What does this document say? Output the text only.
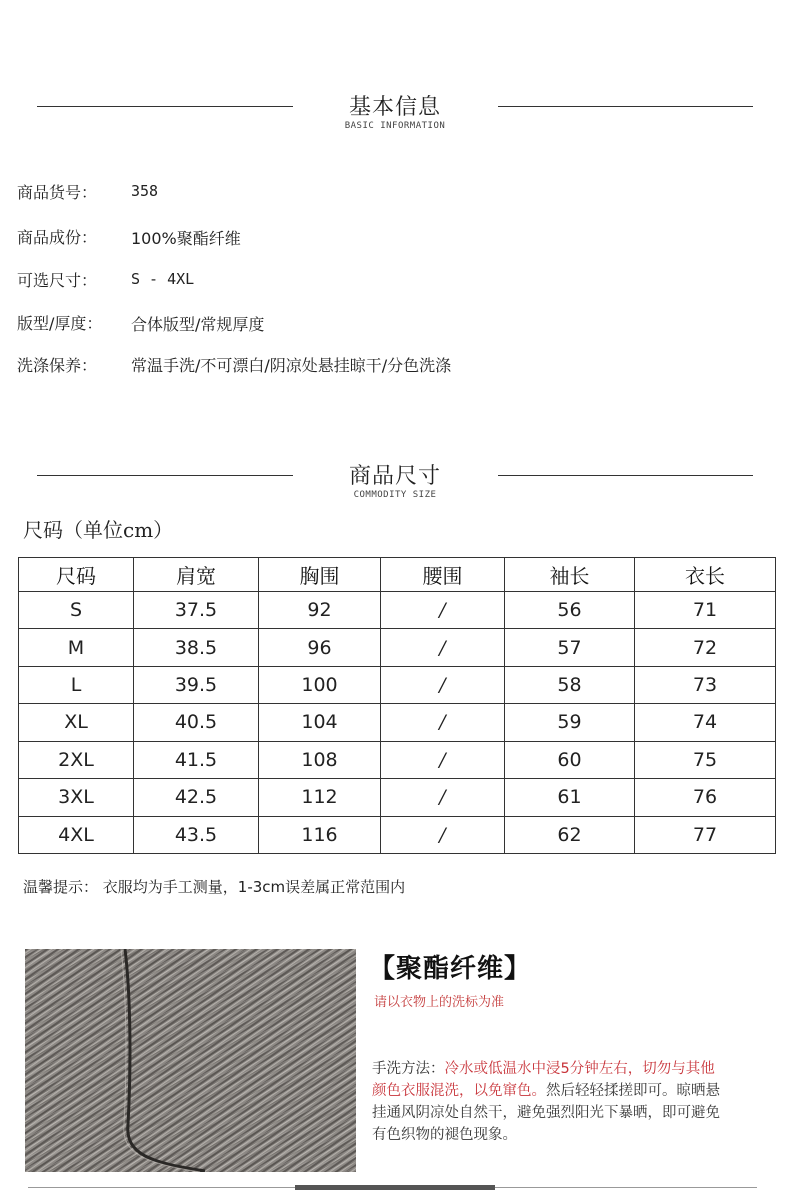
基本信息
BASIC INFORMATION
商品货号： 358
商品成份： 100%聚酯纤维
可选尺寸： S - 4XL
版型/厚度： 合体版型/常规厚度
洗涤保养： 常温手洗/不可漂白/阴凉处悬挂晾干/分色洗涤
商品尺寸
COMMODITY SIZE
尺码（单位cm）
尺码	肩宽	胸围	腰围	袖长	衣长
S	37.5	92	/	56	71
M	38.5	96	/	57	72
L	39.5	100	/	58	73
XL	40.5	104	/	59	74
2XL	41.5	108	/	60	75
3XL	42.5	112	/	61	76
4XL	43.5	116	/	62	77
温馨提示： 衣服均为手工测量，1-3cm误差属正常范围内
【聚酯纤维】
请以衣物上的洗标为准
手洗方法：冷水或低温水中浸5分钟左右，切勿与其他颜色衣服混洗，以免窜色。然后轻轻揉搓即可。晾晒悬挂通风阴凉处自然干，避免强烈阳光下暴晒，即可避免有色织物的褪色现象。
